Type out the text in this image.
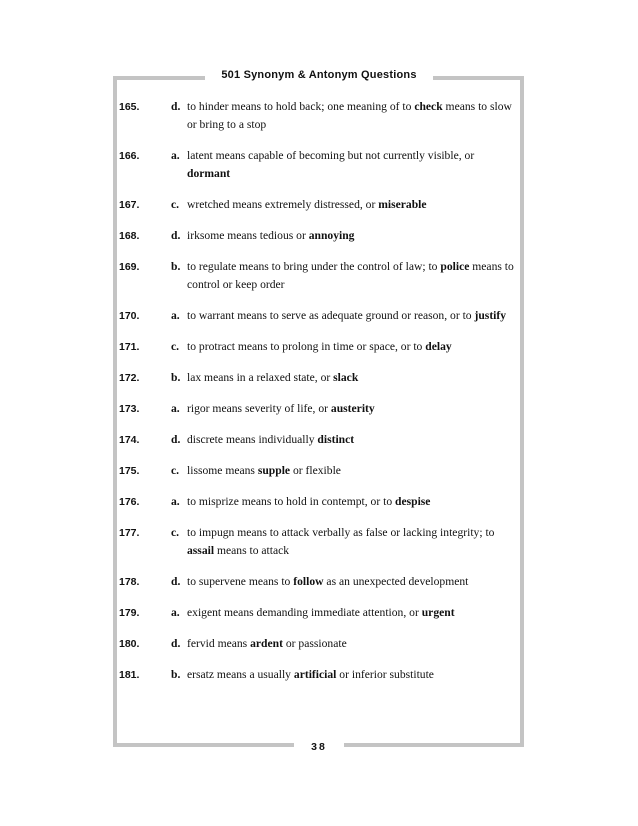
501 Synonym & Antonym Questions
165.	d. to hinder means to hold back; one meaning of to check means to slow or bring to a stop
166.	a. latent means capable of becoming but not currently visible, or dormant
167.	c. wretched means extremely distressed, or miserable
168.	d. irksome means tedious or annoying
169.	b. to regulate means to bring under the control of law; to police means to control or keep order
170.	a. to warrant means to serve as adequate ground or reason, or to justify
171.	c. to protract means to prolong in time or space, or to delay
172.	b. lax means in a relaxed state, or slack
173.	a. rigor means severity of life, or austerity
174.	d. discrete means individually distinct
175.	c. lissome means supple or flexible
176.	a. to misprize means to hold in contempt, or to despise
177.	c. to impugn means to attack verbally as false or lacking integrity; to assail means to attack
178.	d. to supervene means to follow as an unexpected development
179.	a. exigent means demanding immediate attention, or urgent
180.	d. fervid means ardent or passionate
181.	b. ersatz means a usually artificial or inferior substitute
38
